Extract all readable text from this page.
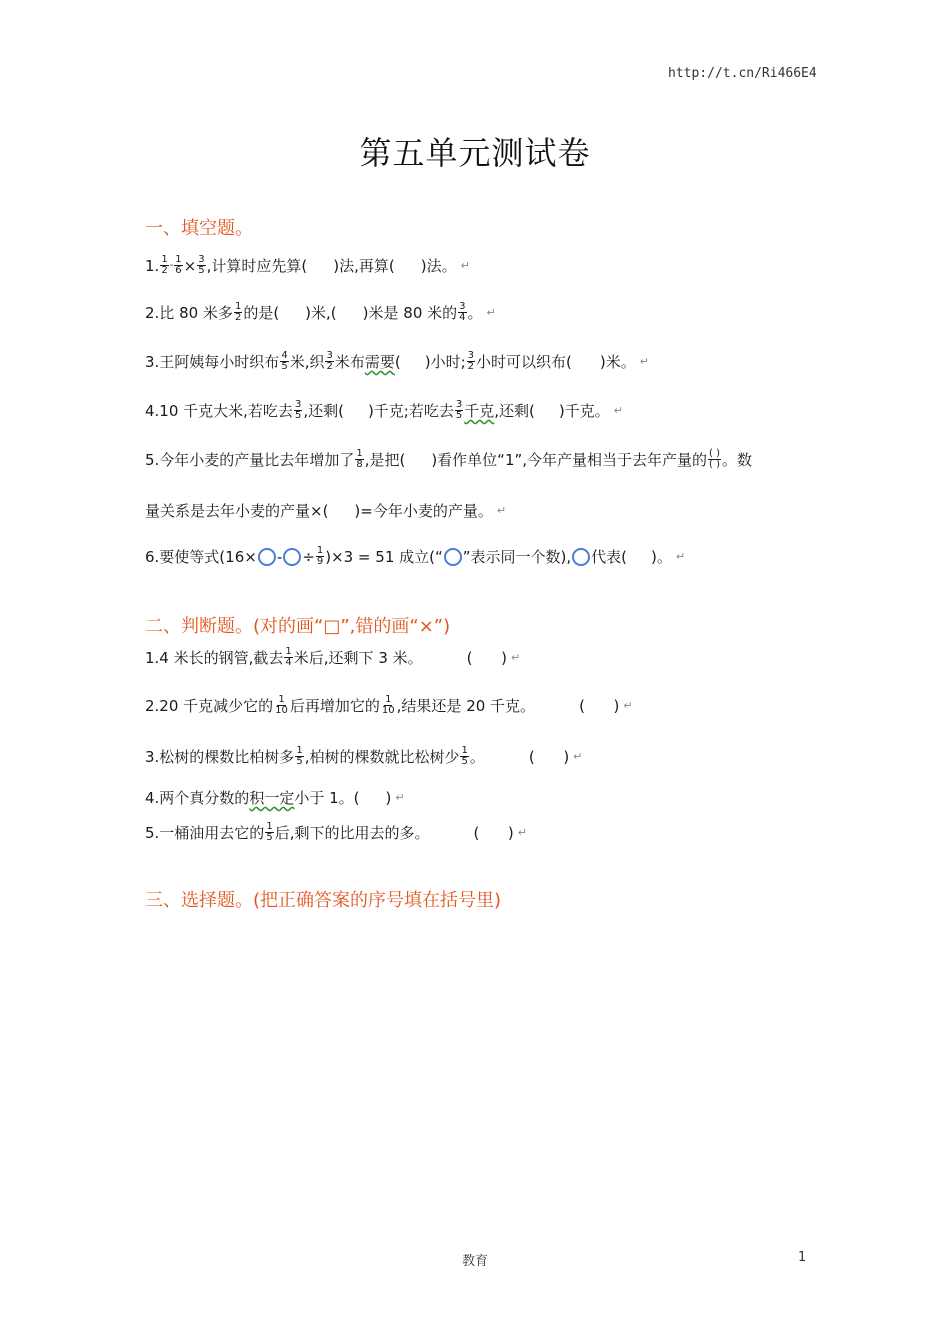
http://t.cn/Ri466E4
第五单元测试卷
一、填空题。
1. $\frac{1}{2} - \frac{1}{6} \times \frac{3}{5}$ ,计算时应先算( )法,再算( )法。 ↵
2.比 80 米多 $\frac{1}{2}$ 的是( )米,( )米是 80 米的 $\frac{3}{4}$ 。 ↵
3.王阿姨每小时织布 $\frac{4}{5}$ 米,织 $\frac{3}{2}$ 米布 需要 ( )小时; $\frac{3}{2}$ 小时可以织布( )米。 ↵
4.10 千克大米,若吃去 $\frac{3}{5}$ ,还剩( )千克;若吃去 $\frac{3}{5}$ 千克 ,还剩( )千克。 ↵
5.今年小麦的产量比去年增加了 $\frac{1}{8}$ ,是把( )看作单位“1”,今年产量相当于去年产量的 $\frac{( )}{( )}$ 。数
量关系是去年小麦的产量×( )=今年小麦的产量。 ↵
6.要使等式(16× - ÷ $\frac{1}{9} )\times 3 = 51$ 成立(“ ”表示同一个数), 代表( )。 ↵
二、判断题。(对的画“□”,错的画“×”)
1.4 米长的钢管,截去 $\frac{1}{4}$ 米后,还剩下 3 米。	(      ) ↵
2.20 千克减少它的 $\frac{1}{10}$ 后再增加它的 $\frac{1}{10}$ ,结果还是 20 千克。	(      ) ↵
3.松树的棵数比柏树多 $\frac{1}{5}$ ,柏树的棵数就比松树少 $\frac{1}{5}$ 。	(      ) ↵
4.两个真分数的 积一定 小于 1。( ) ↵
5.一桶油用去它的 $\frac{1}{5}$ 后,剩下的比用去的多。	(      ) ↵
三、选择题。(把正确答案的序号填在括号里)
教育	1
